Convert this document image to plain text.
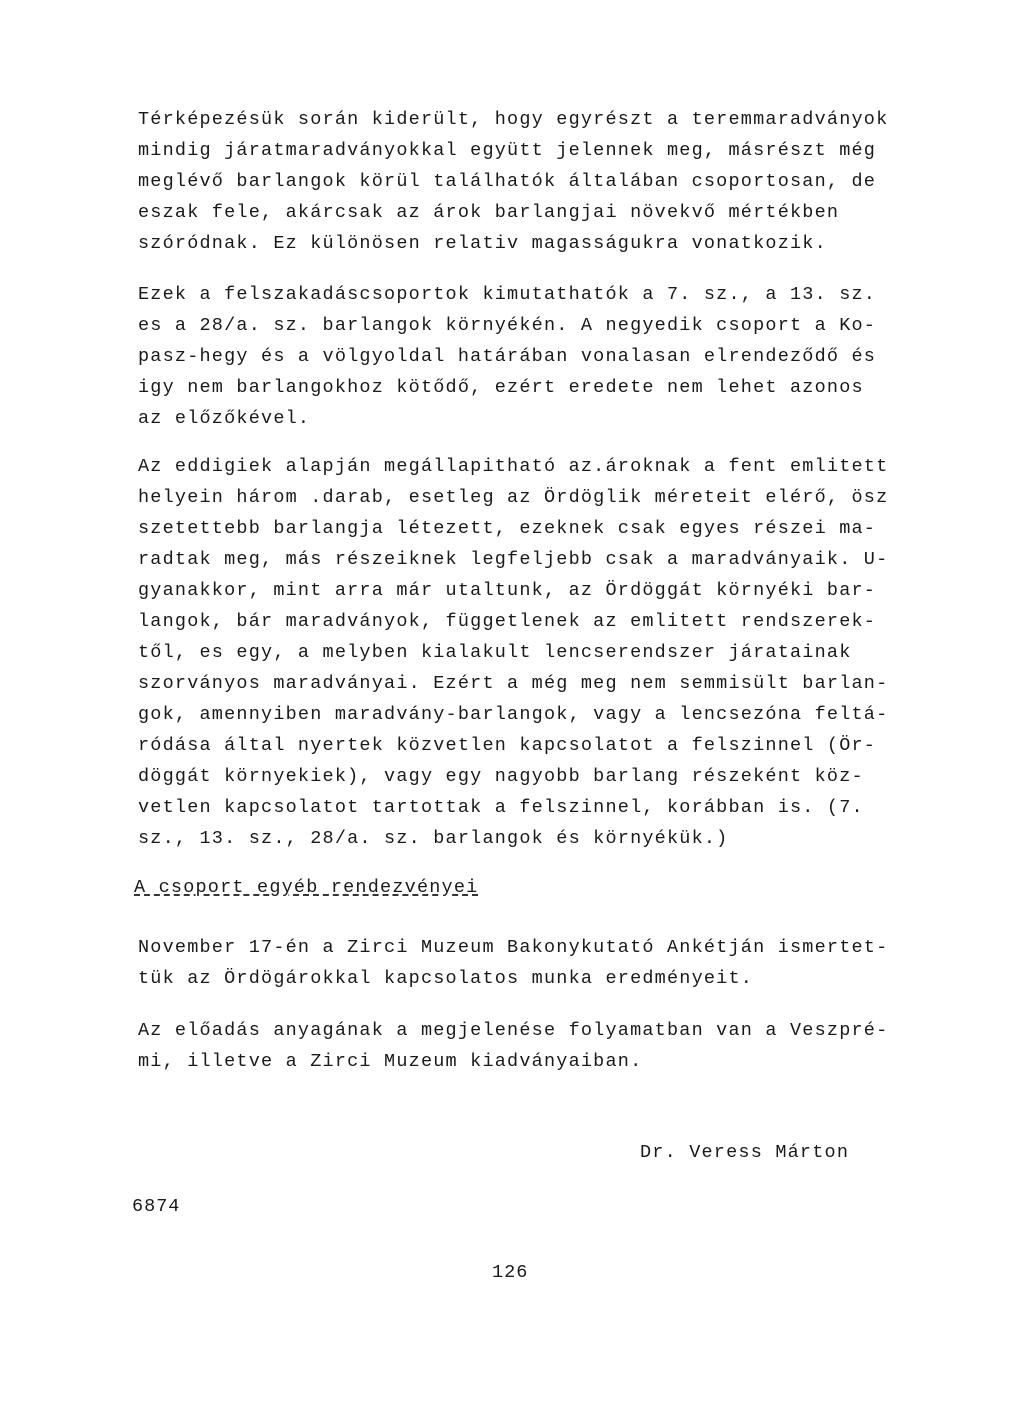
Térképezésük során kiderült, hogy egyrészt a teremmaradványok
mindig járatmaradványokkal együtt jelennek meg, másrészt még
meglévő barlangok körül találhatók általában csoportosan, de
eszak fele, akárcsak az árok barlangjai növekvő mértékben
szóródnak. Ez különösen relativ magasságukra vonatkozik.
Ezek a felszakadáscsoportok kimutathatók a 7. sz., a 13. sz.
es a 28/a. sz. barlangok környékén. A negyedik csoport a Ko-
pasz-hegy és a völgyoldal határában vonalasan elrendeződő és
igy nem barlangokhoz kötődő, ezért eredete nem lehet azonos
az előzőkével.
Az eddigiek alapján megállapitható az.ároknak a fent emlitett
helyein három .darab, esetleg az Ördöglik méreteit elérő, ösz
szetettebb barlangja létezett, ezeknek csak egyes részei ma-
radtak meg, más részeiknek legfeljebb csak a maradványaik. U-
gyanakkor, mint arra már utaltunk, az Ördöggát környéki bar-
langok, bár maradványok, függetlenek az emlitett rendszerek-
től, es egy, a melyben kialakult lencserendszer járatainak
szorványos maradványai. Ezért a még meg nem semmisült barlan-
gok, amennyiben maradvány-barlangok, vagy a lencsezóna feltá-
ródása által nyertek közvetlen kapcsolatot a felszinnel (Ör-
döggát környekiek), vagy egy nagyobb barlang részeként köz-
vetlen kapcsolatot tartottak a felszinnel, korábban is. (7.
sz., 13. sz., 28/a. sz. barlangok és környékük.)
A csoport egyéb rendezvényei
November 17-én a Zirci Muzeum Bakonykutató Ankétján ismertet-
tük az Ördögárokkal kapcsolatos munka eredményeit.
Az előadás anyagának a megjelenése folyamatban van a Veszpré-
mi, illetve a Zirci Muzeum kiadványaiban.
Dr. Veress Márton
6874
126
